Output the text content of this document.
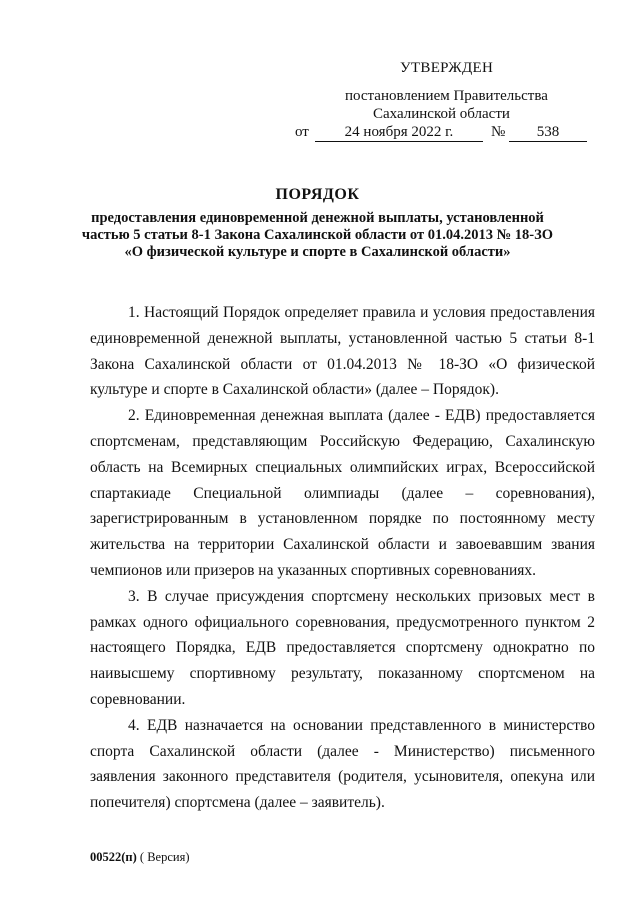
УТВЕРЖДЕН
постановлением Правительства
Сахалинской области
от	24 ноября 2022 г.	№	538
ПОРЯДОК
предоставления единовременной денежной выплаты, установленной
частью 5 статьи 8-1 Закона Сахалинской области от 01.04.2013 № 18-ЗО
«О физической культуре и спорте в Сахалинской области»

1. Настоящий Порядок определяет правила и условия предоставления единовременной денежной выплаты, установленной частью 5 статьи 8-1 Закона Сахалинской области от 01.04.2013 № 18-ЗО «О физической культуре и спорте в Сахалинской области» (далее – Порядок).

2. Единовременная денежная выплата (далее - ЕДВ) предоставляется спортсменам, представляющим Российскую Федерацию, Сахалинскую область на Всемирных специальных олимпийских играх, Всероссийской спартакиаде Специальной олимпиады (далее – соревнования), зарегистрированным в установленном порядке по постоянному месту жительства на территории Сахалинской области и завоевавшим звания чемпионов или призеров на указанных спортивных соревнованиях.

3. В случае присуждения спортсмену нескольких призовых мест в рамках одного официального соревнования, предусмотренного пунктом 2 настоящего Порядка, ЕДВ предоставляется спортсмену однократно по наивысшему спортивному результату, показанному спортсменом на соревновании.

4. ЕДВ назначается на основании представленного в министерство спорта Сахалинской области (далее - Министерство) письменного заявления законного представителя (родителя, усыновителя, опекуна или попечителя) спортсмена (далее – заявитель).

00522(п) ( Версия)
